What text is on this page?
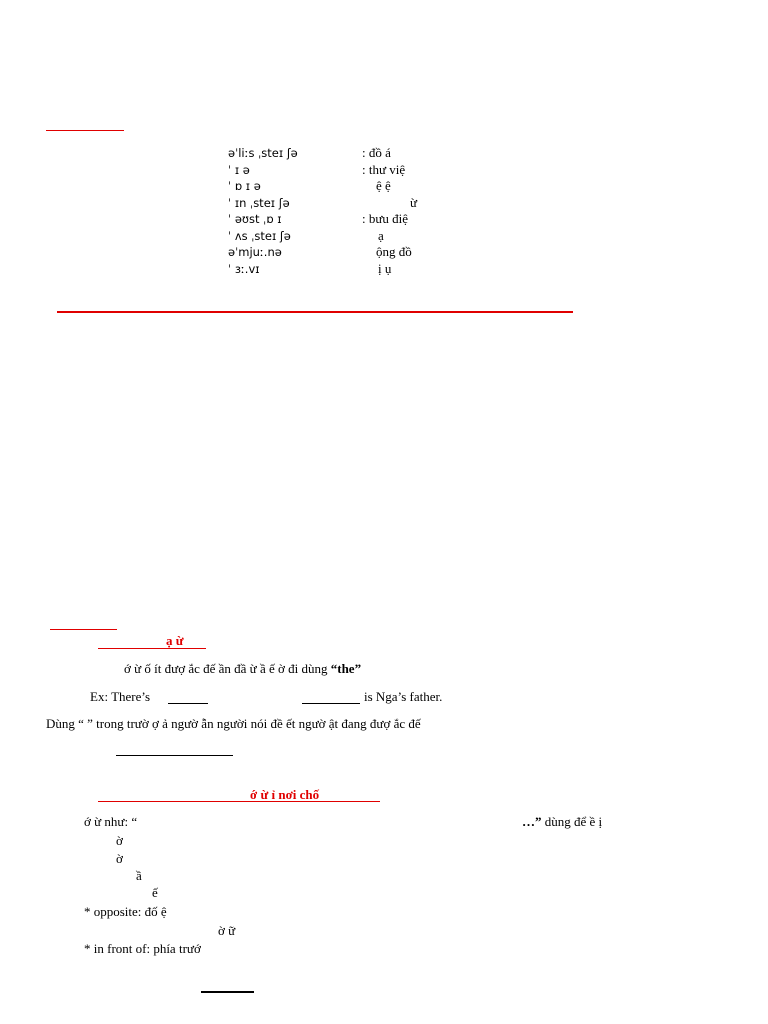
əˈliːs ˌsteɪ ʃə
ˈ ɪ ə
ˈ ɒ ɪ ə
ˈ ɪn ˌsteɪ ʃə
ˈ əʊst ˌɒ ɪ
ˈ ʌs ˌsteɪ ʃə
əˈmjuː.nə
ˈ ɜː.vɪ
: đồ á
: thư việ
ệ ệ
ừ
: bưu điệ
ạ
ộng đồ
ị ụ
ạ ừ
ớ ừ ố ít đượ ắc đế ần đầ ừ ầ ế ờ đi dùng “the”
Ex: There’s	is Nga’s father.
Dùng “ ” trong trườ ợ ả ngườ ẫn người nói đề ết ngườ ật đang đượ ắc đế
ớ ừ ỉ nơi chố
ớ ừ như: “	…” dùng để ề ị
ờ
ờ
ầ
ế
* opposite: đố ệ
ờ ữ
* in front of: phía trướ
